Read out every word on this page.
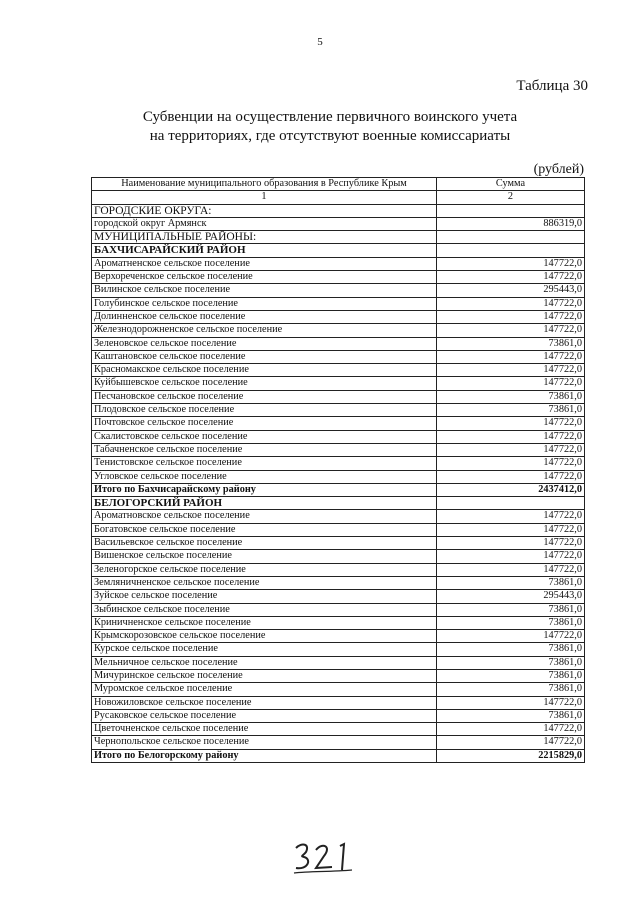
5
Таблица 30
Субвенции на осуществление первичного воинского учета
на территориях, где отсутствуют военные комиссариаты
(рублей)
Наименование муниципального образования в Республике Крым	Сумма
1	2
ГОРОДСКИЕ ОКРУГА:	
городской округ Армянск	886319,0
МУНИЦИПАЛЬНЫЕ РАЙОНЫ:	
БАХЧИСАРАЙСКИЙ РАЙОН	
Ароматненское сельское поселение	147722,0
Верхореченское сельское поселение	147722,0
Вилинское сельское поселение	295443,0
Голубинское сельское поселение	147722,0
Долинненское сельское поселение	147722,0
Железнодорожненское сельское поселение	147722,0
Зеленовское сельское поселение	73861,0
Каштановское сельское поселение	147722,0
Красномакское сельское поселение	147722,0
Куйбышевское сельское поселение	147722,0
Песчановское сельское поселение	73861,0
Плодовское сельское поселение	73861,0
Почтовское сельское поселение	147722,0
Скалистовское сельское поселение	147722,0
Табачненское сельское поселение	147722,0
Тенистовское сельское поселение	147722,0
Угловское сельское поселение	147722,0
Итого по Бахчисарайскому району	2437412,0
БЕЛОГОРСКИЙ РАЙОН	
Ароматновское сельское поселение	147722,0
Богатовское сельское поселение	147722,0
Васильевское сельское поселение	147722,0
Вишенское сельское поселение	147722,0
Зеленогорское сельское поселение	147722,0
Земляничненское сельское поселение	73861,0
Зуйское сельское поселение	295443,0
Зыбинское сельское поселение	73861,0
Криничненское сельское поселение	73861,0
Крымскорозовское сельское поселение	147722,0
Курское сельское поселение	73861,0
Мельничное сельское поселение	73861,0
Мичуринское сельское поселение	73861,0
Муромское сельское поселение	73861,0
Новожиловское сельское поселение	147722,0
Русаковское сельское поселение	73861,0
Цветочненское сельское поселение	147722,0
Чернопольское сельское поселение	147722,0
Итого по Белогорскому району	2215829,0
